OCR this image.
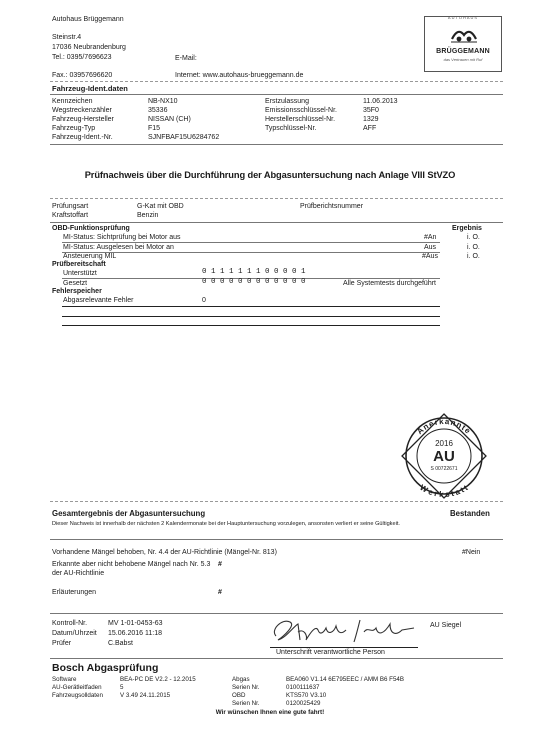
Autohaus Brüggemann
Steinstr.4
17036 Neubrandenburg
Tel.: 0395/7696623	E-Mail:
Fax.: 03957696620	Internet: www.autohaus-brueggemann.de
AUTOHAUS
BRÜGGEMANN
das Vertrauen mit Ruf
Fahrzeug-Ident.daten
Kennzeichen	NB-NX10
Wegstreckenzähler	35336
Fahrzeug-Hersteller	NISSAN (CH)
Fahrzeug-Typ	F15
Fahrzeug-Ident.-Nr.	SJNFBAF15U6284762
Erstzulassung	11.06.2013
Emissionsschlüssel-Nr.	35F0
Herstellerschlüssel-Nr.	1329
Typschlüssel-Nr.	AFF
Prüfnachweis über die Durchführung der Abgasuntersuchung nach Anlage VIII StVZO
Prüfungsart	G-Kat mit OBD	Prüfberichtsnummer
Kraftstoffart	Benzin
OBD-Funktionsprüfung	Ergebnis
MI-Status: Sichtprüfung bei Motor aus	#An	i. O.
MI-Status: Ausgelesen bei Motor an	Aus	i. O.
Ansteuerung MIL	#Aus	i. O.
Prüfbereitschaft
Unterstützt	0 1 1 1 1 1 1 0 0 0 0 1
Gesetzt	0 0 0 0 0 0 0 0 0 0 0 0	Alle Systemtests durchgeführt
Fehlerspeicher
Abgasrelevante Fehler	0
Anerkannte
Werkstatt
2016
AU
S 00722671
Gesamtergebnis der Abgasuntersuchung	Bestanden
Dieser Nachweis ist innerhalb der nächsten 2 Kalendermonate bei der Hauptuntersuchung vorzulegen, ansonsten verliert er seine Gültigkeit.
Vorhandene Mängel behoben, Nr. 4.4 der AU-Richtlinie (Mängel-Nr. 813)	#Nein
Erkannte aber nicht behobene Mängel nach Nr. 5.3 #
der AU-Richtlinie
Erläuterungen	#
Kontroll-Nr.	MV 1-01-0453-63
Datum/Uhrzeit 15.06.2016 11:18
Prüfer	C.Babst
Unterschrift verantwortliche Person
AU Siegel
Bosch Abgasprüfung
Software	BEA-PC DE V2.2 - 12.2015
AU-Gerätleitfaden	5
Fahrzeugsolldaten	V 3.49 24.11.2015
Abgas	BEA060 V1.14 6E795EEC / AMM B6 F54B
Serien Nr.	0100111637
OBD	KTS570 V3.10
Serien Nr.	0120025429
Wir wünschen Ihnen eine gute fahrt!
